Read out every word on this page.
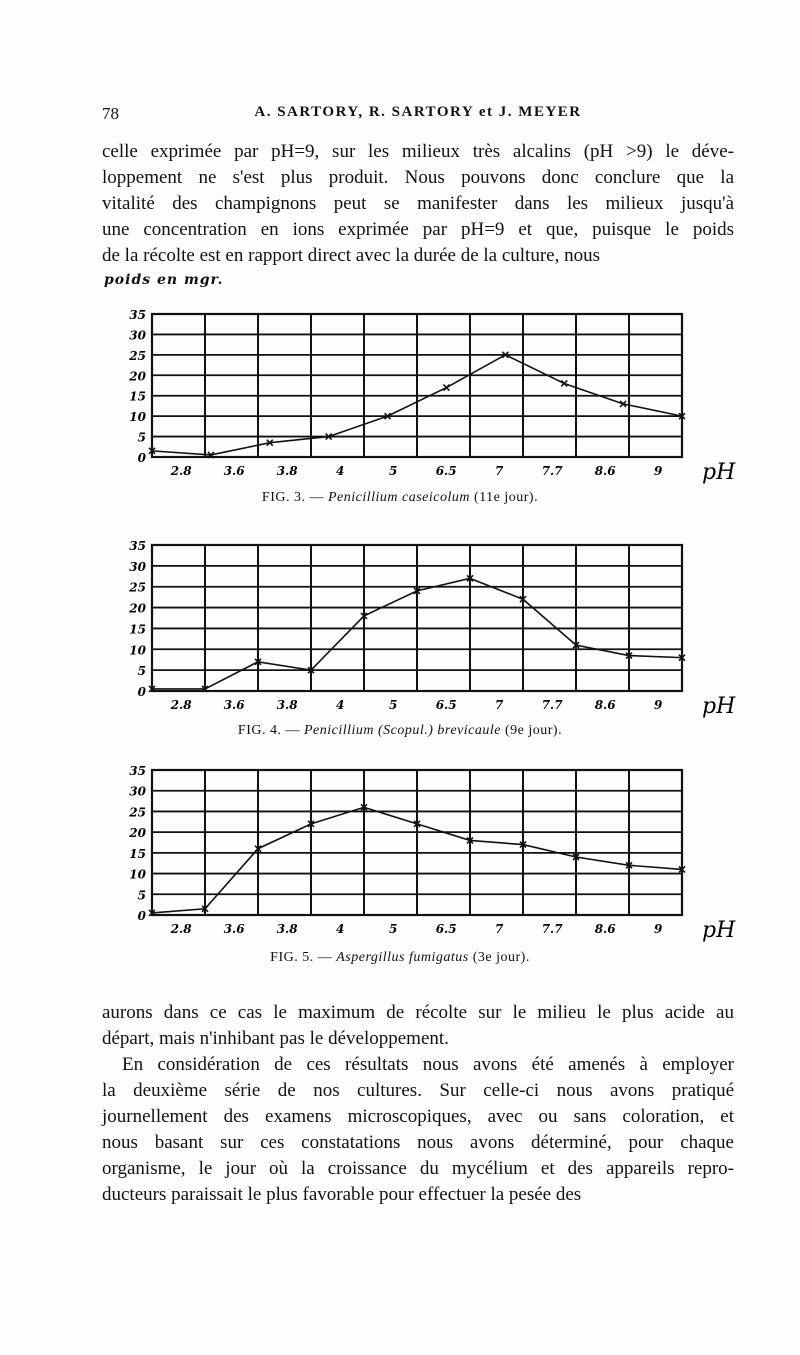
78	A. SARTORY, R. SARTORY et J. MEYER

celle exprimée par pH=9, sur les milieux très alcalins (pH >9) le déve-
loppement ne s'est plus produit. Nous pouvons donc conclure que la
vitalité des champignons peut se manifester dans les milieux jusqu'à
une concentration en ions exprimée par pH=9 et que, puisque le poids
de la récolte est en rapport direct avec la durée de la culture, nous

poids en mgr.
0
5
10
15
20
25
30
35
2.8	3.6	3.8	4	5	6.5	7	7.7	8.6	9 pH
FIG. 3. — Penicillium caseicolum (11e jour).
0
5
10
15
20
25
30
35
2.8	3.6	3.8	4	5	6.5	7	7.7	8.6	9 pH
FIG. 4. — Penicillium (Scopul.) brevicaule (9e jour).
0
5
10
15
20
25
30
35
2.8	3.6	3.8	4	5	6.5	7	7.7	8.6	9 pH
FIG. 5. — Aspergillus fumigatus (3e jour).

aurons dans ce cas le maximum de récolte sur le milieu le plus acide au
départ, mais n'inhibant pas le développement.
En considération de ces résultats nous avons été amenés à employer
la deuxième série de nos cultures. Sur celle-ci nous avons pratiqué
journellement des examens microscopiques, avec ou sans coloration, et
nous basant sur ces constatations nous avons déterminé, pour chaque
organisme, le jour où la croissance du mycélium et des appareils repro-
ducteurs paraissait le plus favorable pour effectuer la pesée des
